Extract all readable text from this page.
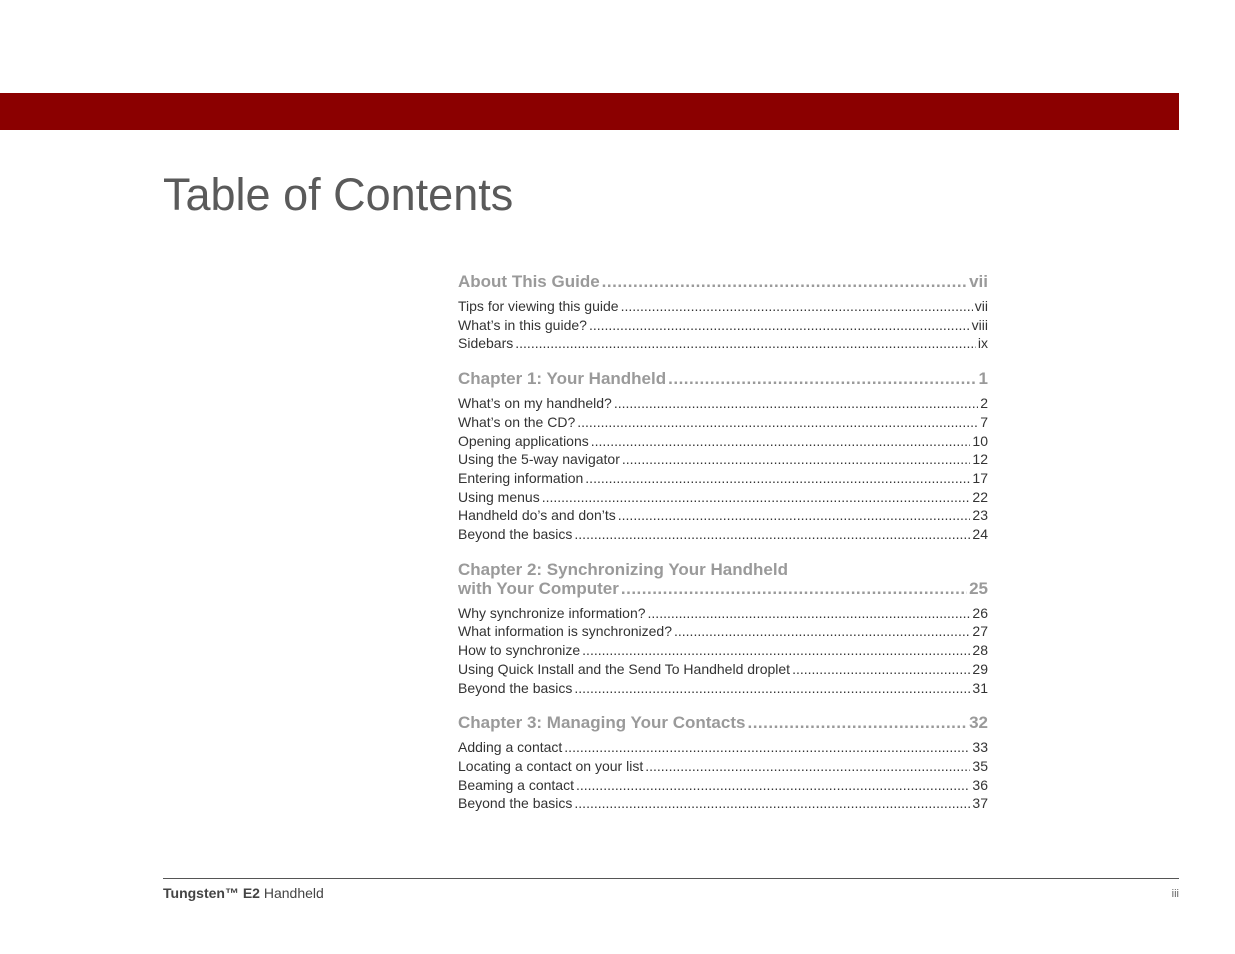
Table of Contents
About This Guide .....	vii
Tips for viewing this guide .....	vii
What’s in this guide? .....	viii
Sidebars .....	ix
Chapter 1: Your Handheld .....	1
What’s on my handheld? .....	2
What’s on the CD? .....	7
Opening applications .....	10
Using the 5-way navigator .....	12
Entering information .....	17
Using menus .....	22
Handheld do’s and don’ts .....	23
Beyond the basics .....	24
Chapter 2: Synchronizing Your Handheld
with Your Computer .....	25
Why synchronize information? .....	26
What information is synchronized? .....	27
How to synchronize .....	28
Using Quick Install and the Send To Handheld droplet .....	29
Beyond the basics .....	31
Chapter 3: Managing Your Contacts .....	32
Adding a contact .....	33
Locating a contact on your list .....	35
Beaming a contact .....	36
Beyond the basics .....	37
Tungsten™ E2 Handheld	iii
